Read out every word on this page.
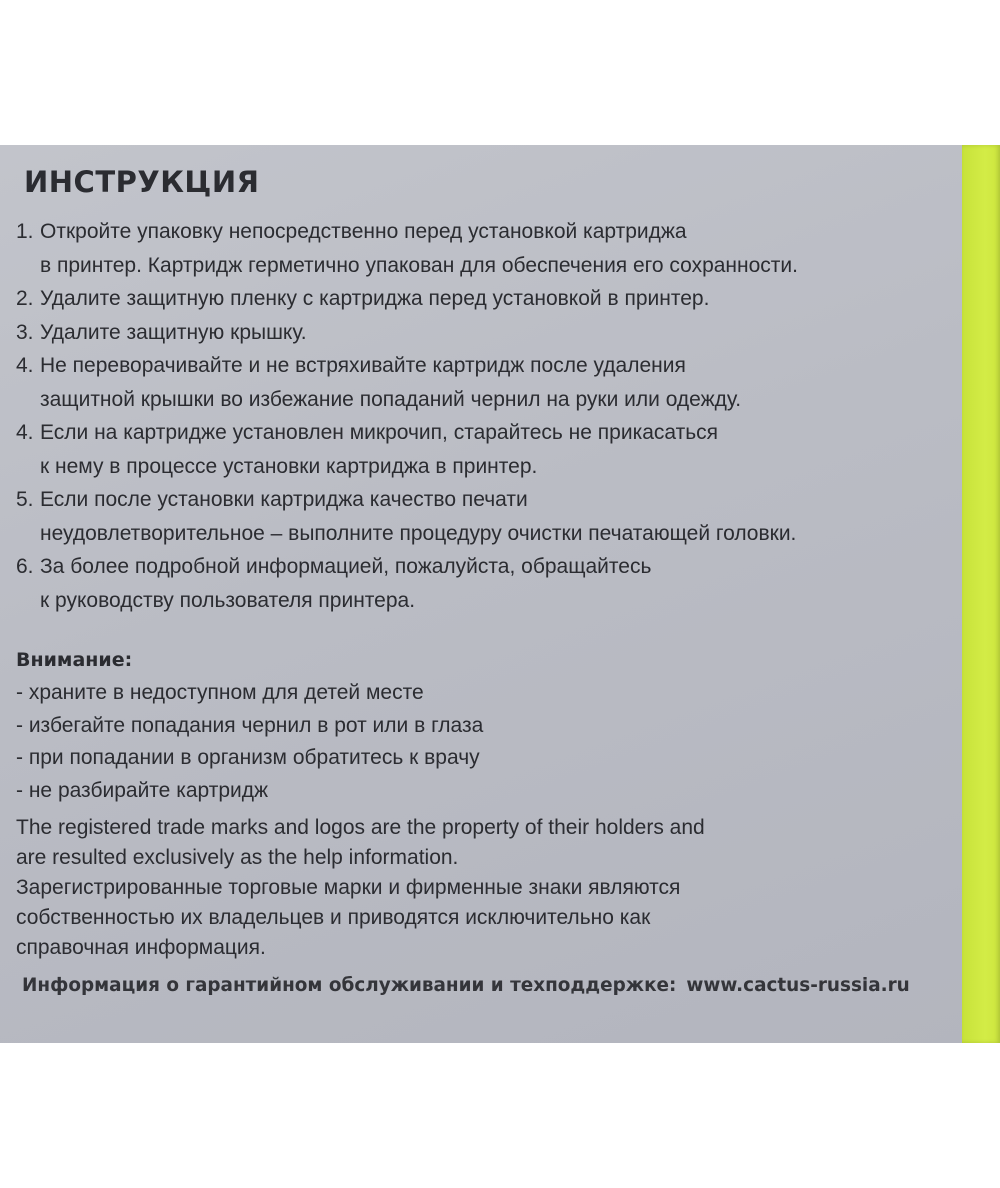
ИНСТРУКЦИЯ
1. Откройте упаковку непосредственно перед установкой картриджа
в принтер. Картридж герметично упакован для обеспечения его сохранности.
2. Удалите защитную пленку с картриджа перед установкой в принтер.
3. Удалите защитную крышку.
4. Не переворачивайте и не встряхивайте картридж после удаления
защитной крышки во избежание попаданий чернил на руки или одежду.
4. Если на картридже установлен микрочип, старайтесь не прикасаться
к нему в процессе установки картриджа в принтер.
5. Если после установки картриджа качество печати
неудовлетворительное – выполните процедуру очистки печатающей головки.
6. За более подробной информацией, пожалуйста, обращайтесь
к руководству пользователя принтера.
Внимание:
- храните в недоступном для детей месте
- избегайте попадания чернил в рот или в глаза
- при попадании в организм обратитесь к врачу
- не разбирайте картридж

The registered trade marks and logos are the property of their holders and
are resulted exclusively as the help information.

Зарегистрированные торговые марки и фирменные знаки являются
собственностью их владельцев и приводятся исключительно как
справочная информация.

Информация о гарантийном обслуживании и техподдержке: www.cactus-russia.ru
